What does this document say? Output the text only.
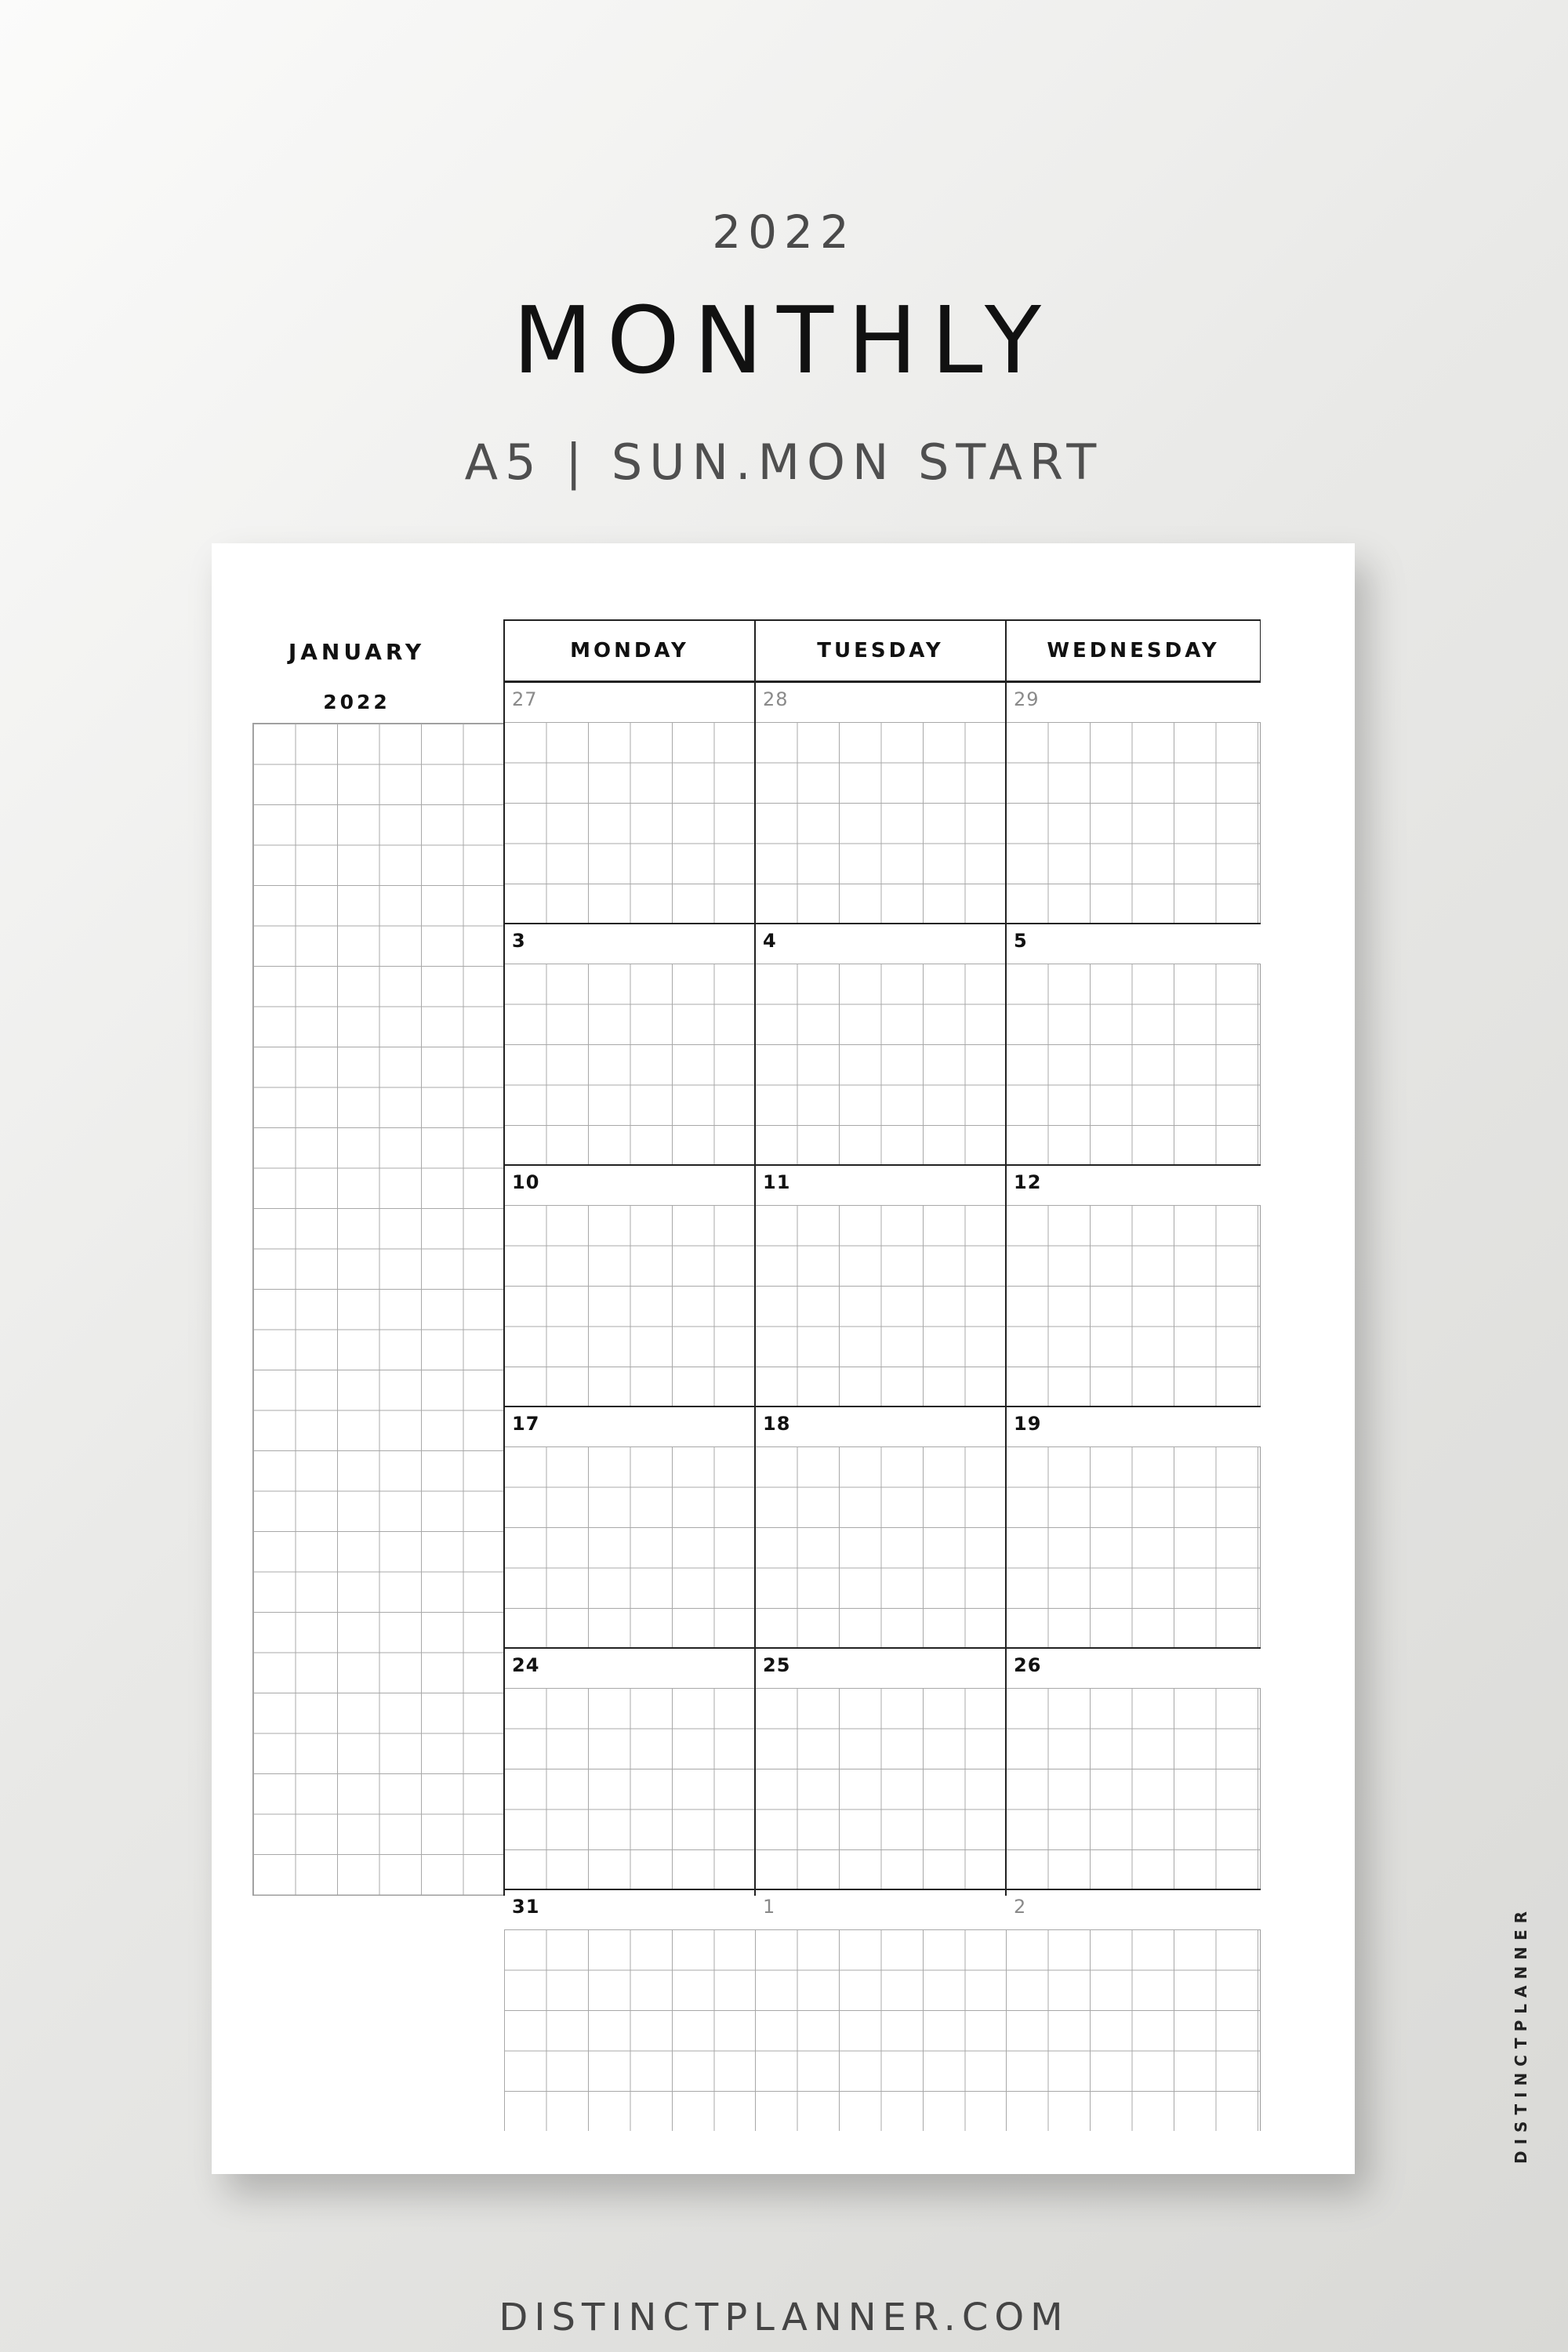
2022
MONTHLY
A5 | SUN.MON START
JANUARY
2022
MONDAY	TUESDAY	WEDNESDAY
27	28	29
3	4	5
10	11	12
17	18	19
24	25	26
31	1	2	DISTINCTPLANNER
DISTINCTPLANNER.COM
